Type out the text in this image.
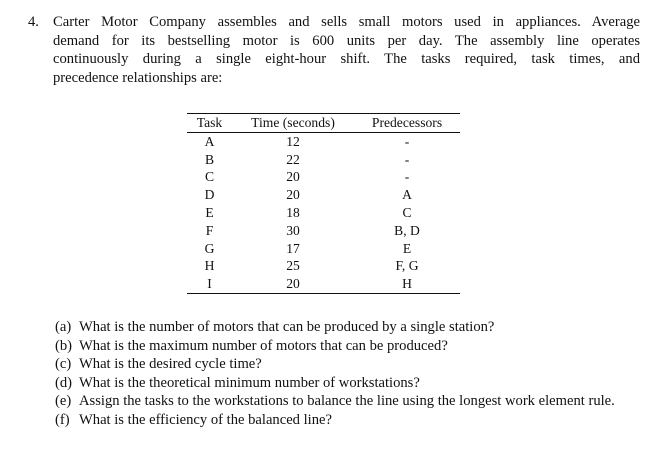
4. Carter Motor Company assembles and sells small motors used in appliances. Average
demand for its bestselling motor is 600 units per day. The assembly line operates
continuously during a single eight-hour shift. The tasks required, task times, and
precedence relationships are:
Task	Time (seconds)	Predecessors
A	12	-
B	22	-
C	20	-
D	20	A
E	18	C
F	30	B, D
G	17	E
H	25	F, G
I	20	H
(a) What is the number of motors that can be produced by a single station?
(b) What is the maximum number of motors that can be produced?
(c) What is the desired cycle time?
(d) What is the theoretical minimum number of workstations?
(e) Assign the tasks to the workstations to balance the line using the longest work element rule.
(f) What is the efficiency of the balanced line?
